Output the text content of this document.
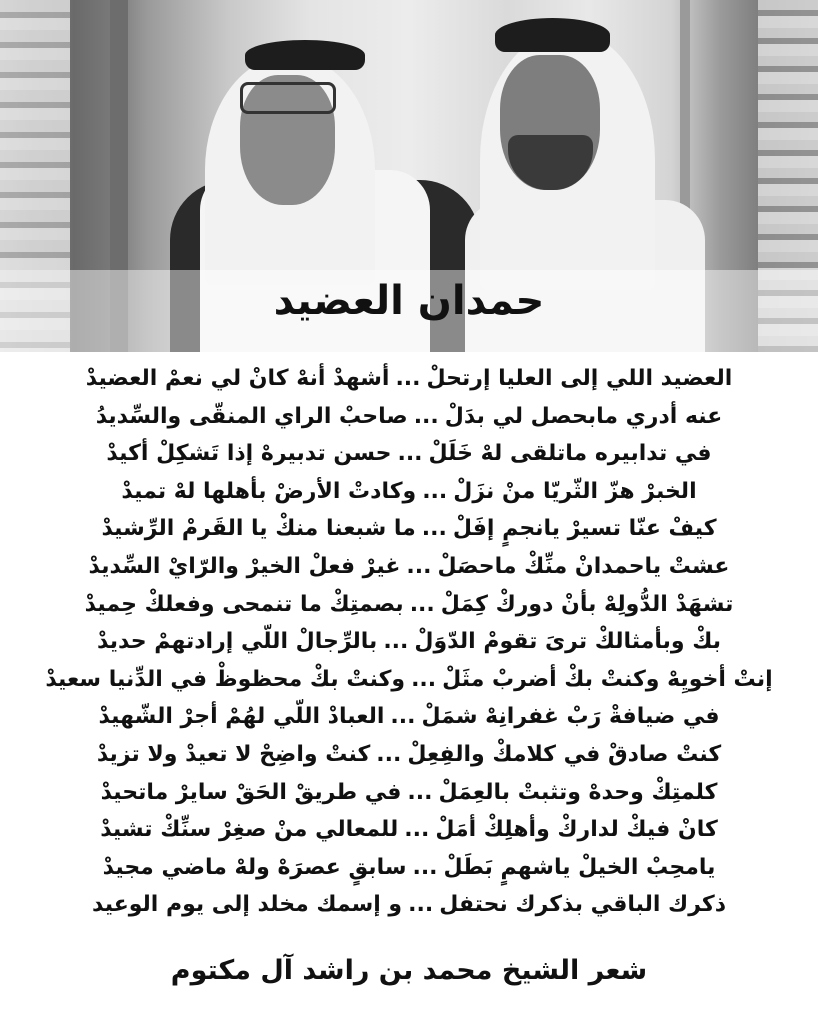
حمدان العضيد
العضيد اللي إلى العليا إرتحلْ...أشهدْ أنهْ كانْ لي نعمْ العضيدْ
عنه أدري مابحصل لي بدَلْ...صاحبْ الراي المنقّى والسِّديدُ
في تدابيره ماتلقى لهْ خَلَلْ...حسن تدبيرهْ إذا تَشكِلْ أكيدْ
الخبرْ هزّ الثّريّا منْ نزَلْ...وكادتْ الأرضْ بأهلها لهْ تميدْ
كيفْ عنّا تسيرْ يانجمٍ إفَلْ...ما شبعنا منكْ يا القَرمْ الرِّشيدْ
عشتْ ياحمدانْ منِّكْ ماحصَلْ...غيرْ فعلْ الخيرْ والرّايْ السِّديدْ
تشهَدْ الدُّولِهْ بأنْ دوركْ كِمَلْ...بصمتِكْ ما تنمحى وفعلكْ حِميدْ
بكْ وبأمثالكْ ترىَ تقومْ الدّوَلْ...بالرِّجالْ اللّي إرادتهمْ حديدْ
إنتْ أخويِهْ وكنتْ بكْ أضربْ مثَلْ...وكنتْ بكْ محظوظْ في الدِّنيا سعيدْ
في ضيافةْ رَبْ غفرانِهْ شمَلْ...العبادْ اللّي لهُمْ أجرْ الشّهيدْ
كنتْ صادقْ في كلامكْ والفِعِلْ...كنتْ واضِحْ لا تعيدْ ولا تزيدْ
كلمتِكْ وحدهْ وتثبتْ بالعِمَلْ...في طريقْ الحَقْ سايرْ ماتحيدْ
كانْ فيكْ لداركْ وأهلِكْ أمَلْ...للمعالي منْ صغِرْ سنِّكْ تشيدْ
يامحِبْ الخيلْ ياشهمٍ بَطَلْ...سابقٍ عصرَهْ ولهْ ماضي مجيدْ
ذكرك الباقي بذكرك نحتفل...و إسمك مخلد إلى يوم الوعيد
شعر الشيخ محمد بن راشد آل مكتوم
